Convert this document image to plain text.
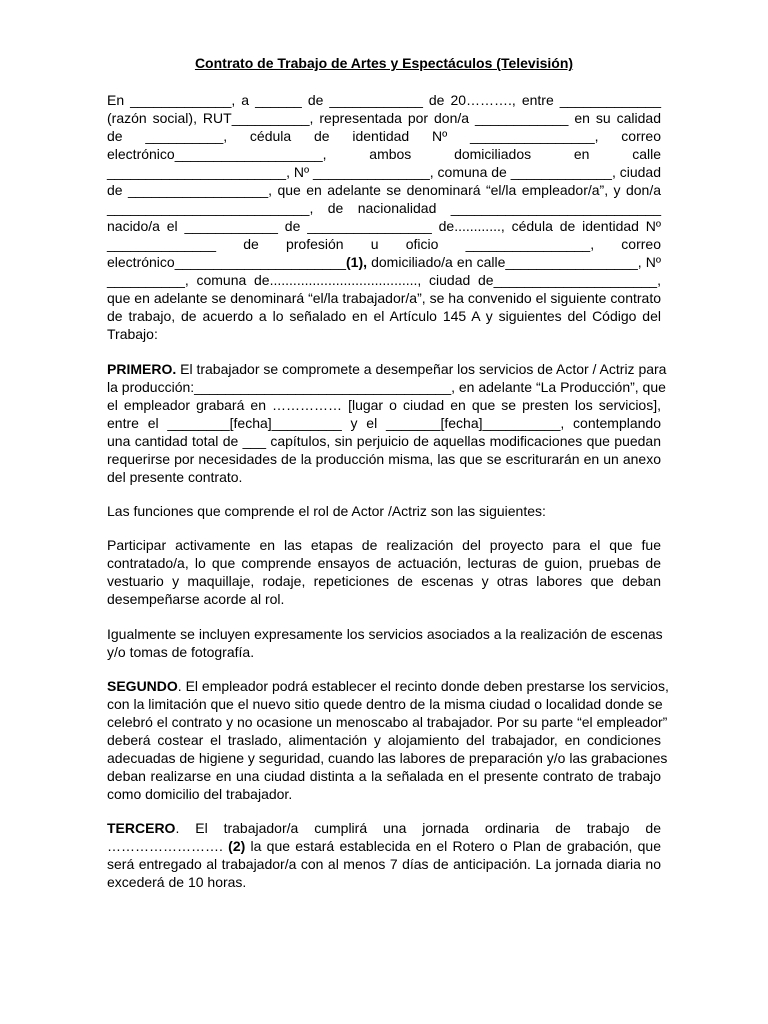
Contrato de Trabajo de Artes y Espectáculos (Televisión)

En _____________, a ______ de ____________ de 20………., entre _____________

(razón social), RUT__________, representada por don/a ____________ en su calidad

de __________, cédula de identidad Nº ________________, correo

electrónico___________________, ambos domiciliados en calle

_______________________, Nº _______________, comuna de _____________, ciudad

de __________________, que en adelante se denominará “el/la empleador/a”, y don/a

__________________________, de nacionalidad ___________________________

nacido/a el ____________ de ________________ de............, cédula de identidad Nº

______________ de profesión u oficio ________________, correo

electrónico______________________(1), domiciliado/a en calle_________________, Nº

__________, comuna de......................................, ciudad de_____________________,

que en adelante se denominará “el/la trabajador/a”, se ha convenido el siguiente contrato

de trabajo, de acuerdo a lo señalado en el Artículo 145 A y siguientes del Código del

Trabajo:

PRIMERO. El trabajador se compromete a desempeñar los servicios de Actor / Actriz para

la producción:_________________________________, en adelante “La Producción”, que

el empleador grabará en …………… [lugar o ciudad en que se presten los servicios],

entre el ________[fecha]_________ y el _______[fecha]__________, contemplando

una cantidad total de ___ capítulos, sin perjuicio de aquellas modificaciones que puedan

requerirse por necesidades de la producción misma, las que se escriturarán en un anexo

del presente contrato.

Las funciones que comprende el rol de Actor /Actriz son las siguientes:

Participar activamente en las etapas de realización del proyecto para el que fue

contratado/a, lo que comprende ensayos de actuación, lecturas de guion, pruebas de

vestuario y maquillaje, rodaje, repeticiones de escenas y otras labores que deban

desempeñarse acorde al rol.

Igualmente se incluyen expresamente los servicios asociados a la realización de escenas

y/o tomas de fotografía.

SEGUNDO. El empleador podrá establecer el recinto donde deben prestarse los servicios,

con la limitación que el nuevo sitio quede dentro de la misma ciudad o localidad donde se

celebró el contrato y no ocasione un menoscabo al trabajador. Por su parte “el empleador”

deberá costear el traslado, alimentación y alojamiento del trabajador, en condiciones

adecuadas de higiene y seguridad, cuando las labores de preparación y/o las grabaciones

deban realizarse en una ciudad distinta a la señalada en el presente contrato de trabajo

como domicilio del trabajador.

TERCERO. El trabajador/a cumplirá una jornada ordinaria de trabajo de

……………………. (2) la que estará establecida en el Rotero o Plan de grabación, que

será entregado al trabajador/a con al menos 7 días de anticipación. La jornada diaria no

excederá de 10 horas.
